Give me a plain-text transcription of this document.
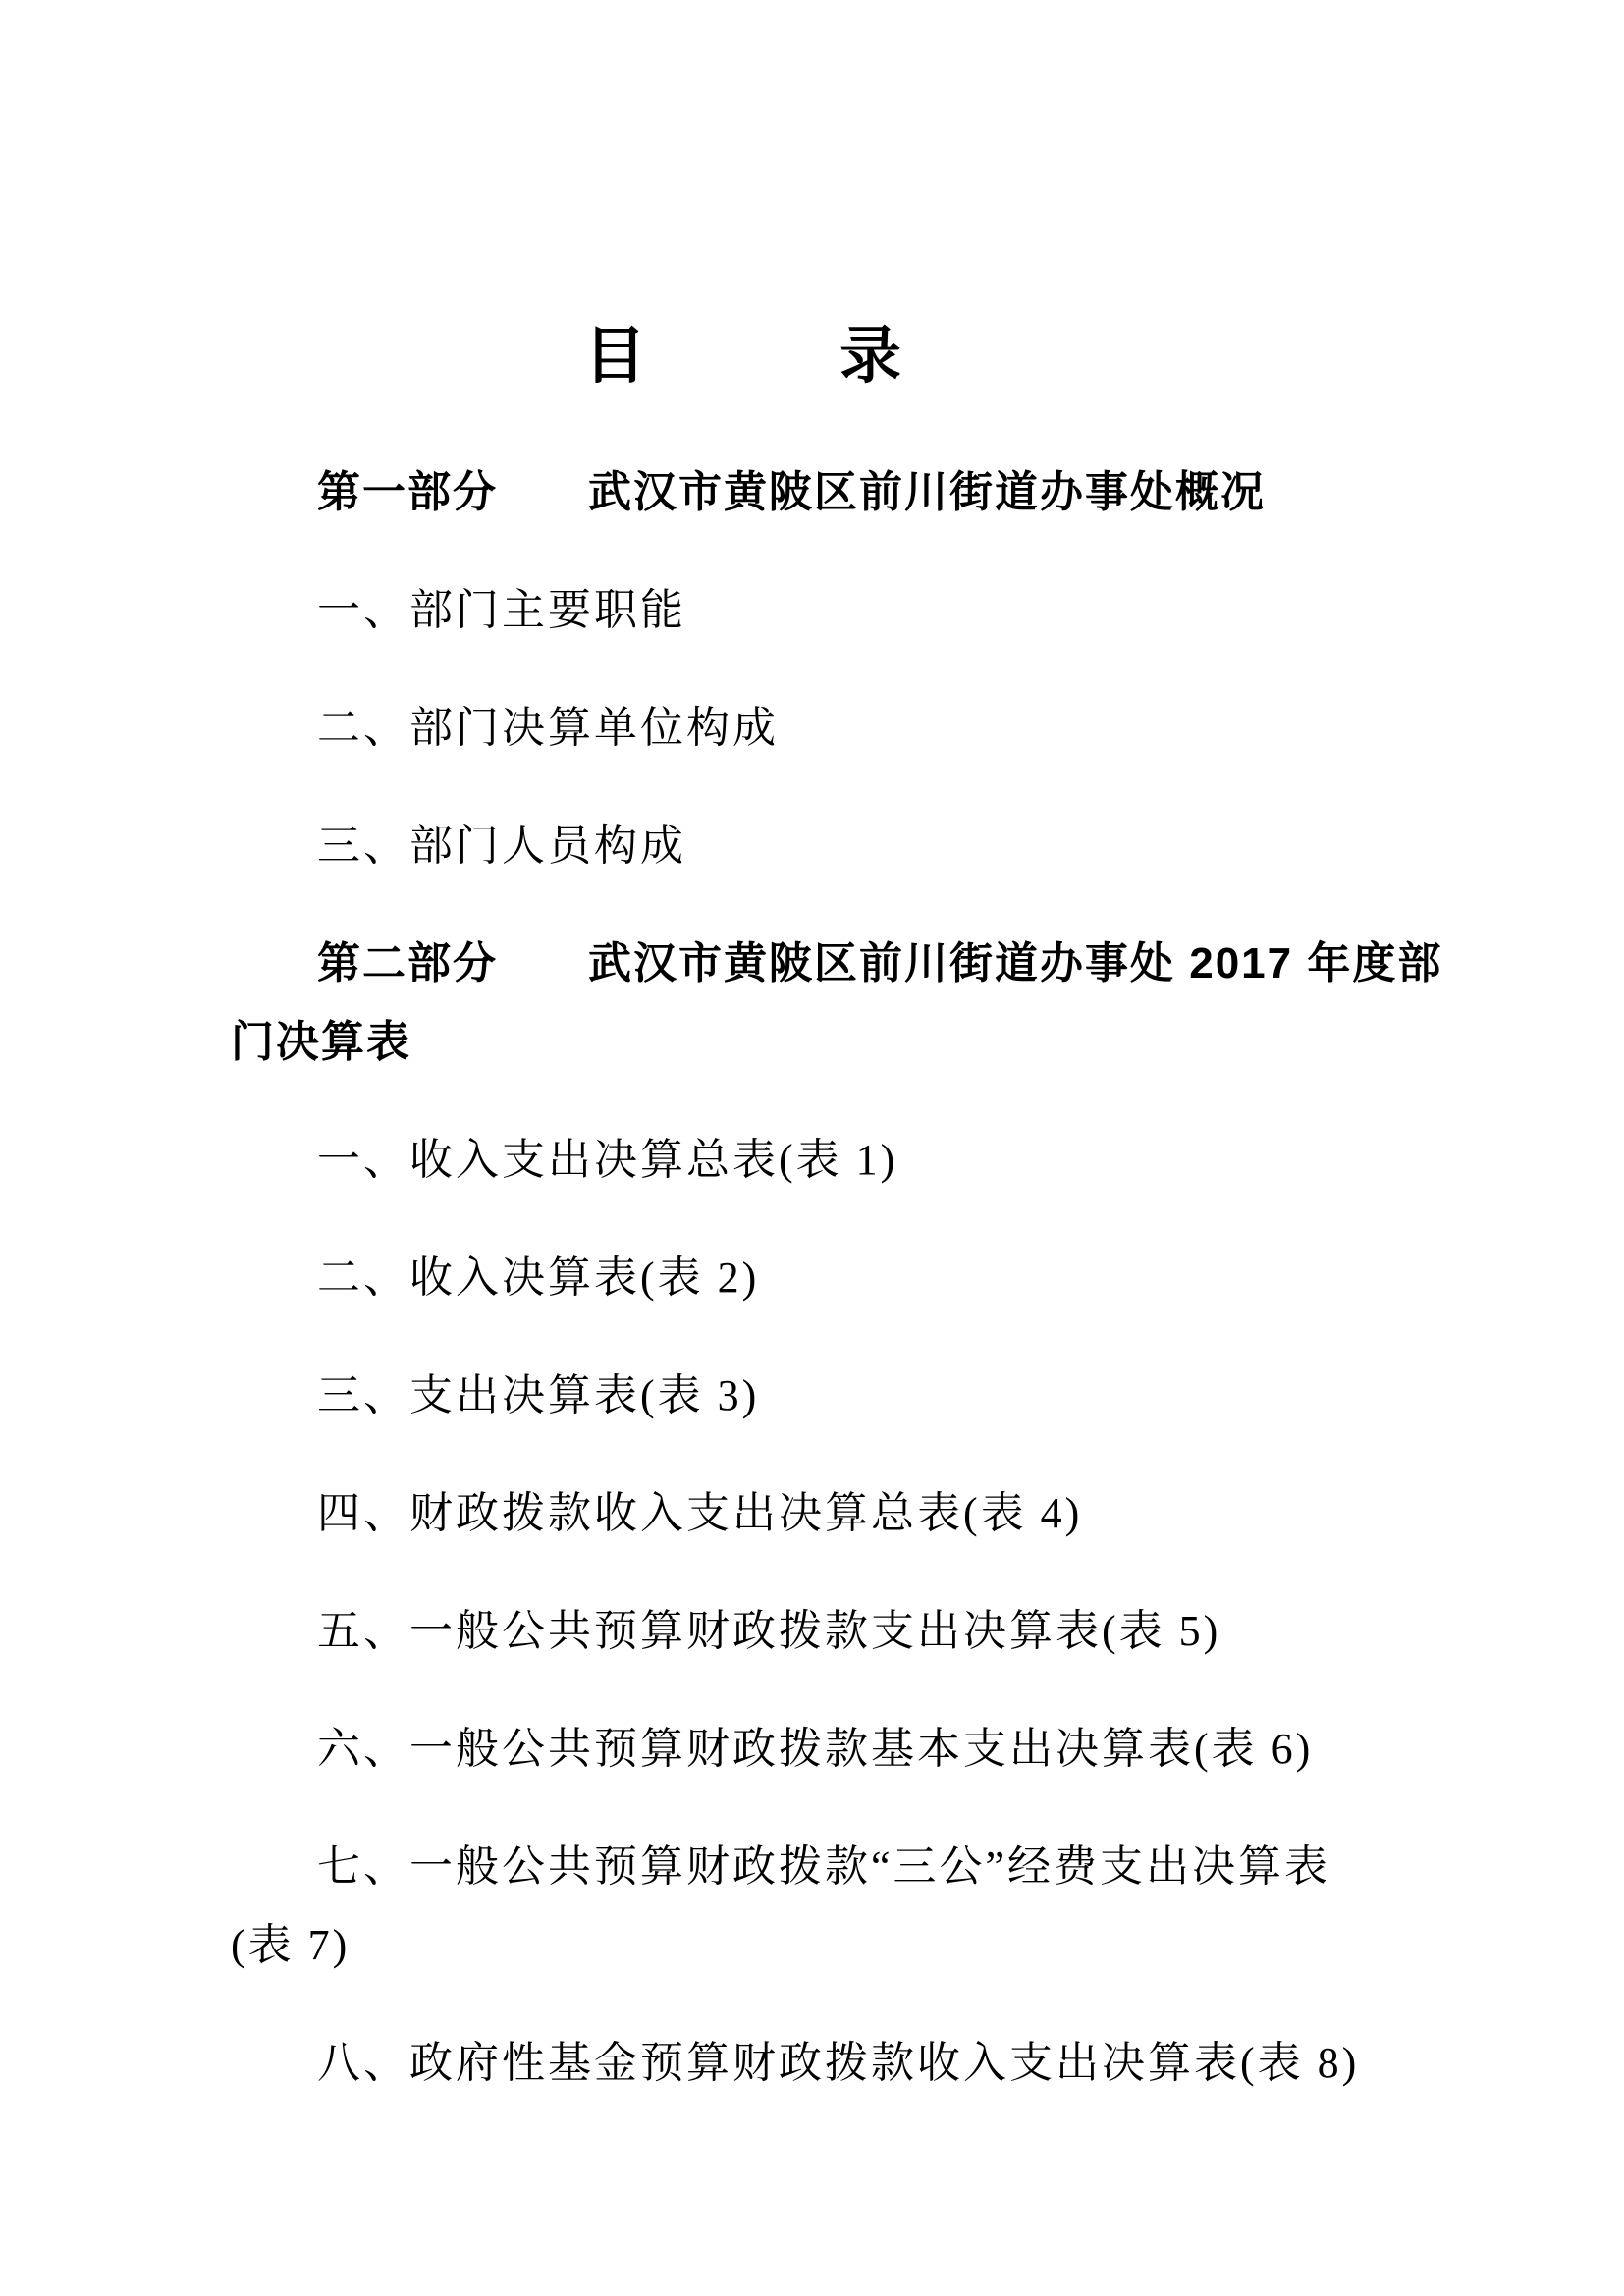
目　　　录

第一部分　　武汉市黄陂区前川街道办事处概况

一、部门主要职能

二、部门决算单位构成

三、部门人员构成

第二部分　　武汉市黄陂区前川街道办事处 2017 年度部
门决算表

一、收入支出决算总表(表 1)

二、收入决算表(表 2)

三、支出决算表(表 3)

四、财政拨款收入支出决算总表(表 4)

五、一般公共预算财政拨款支出决算表(表 5)

六、一般公共预算财政拨款基本支出决算表(表 6)

七、一般公共预算财政拨款“三公”经费支出决算表
(表 7)

八、政府性基金预算财政拨款收入支出决算表(表 8)
